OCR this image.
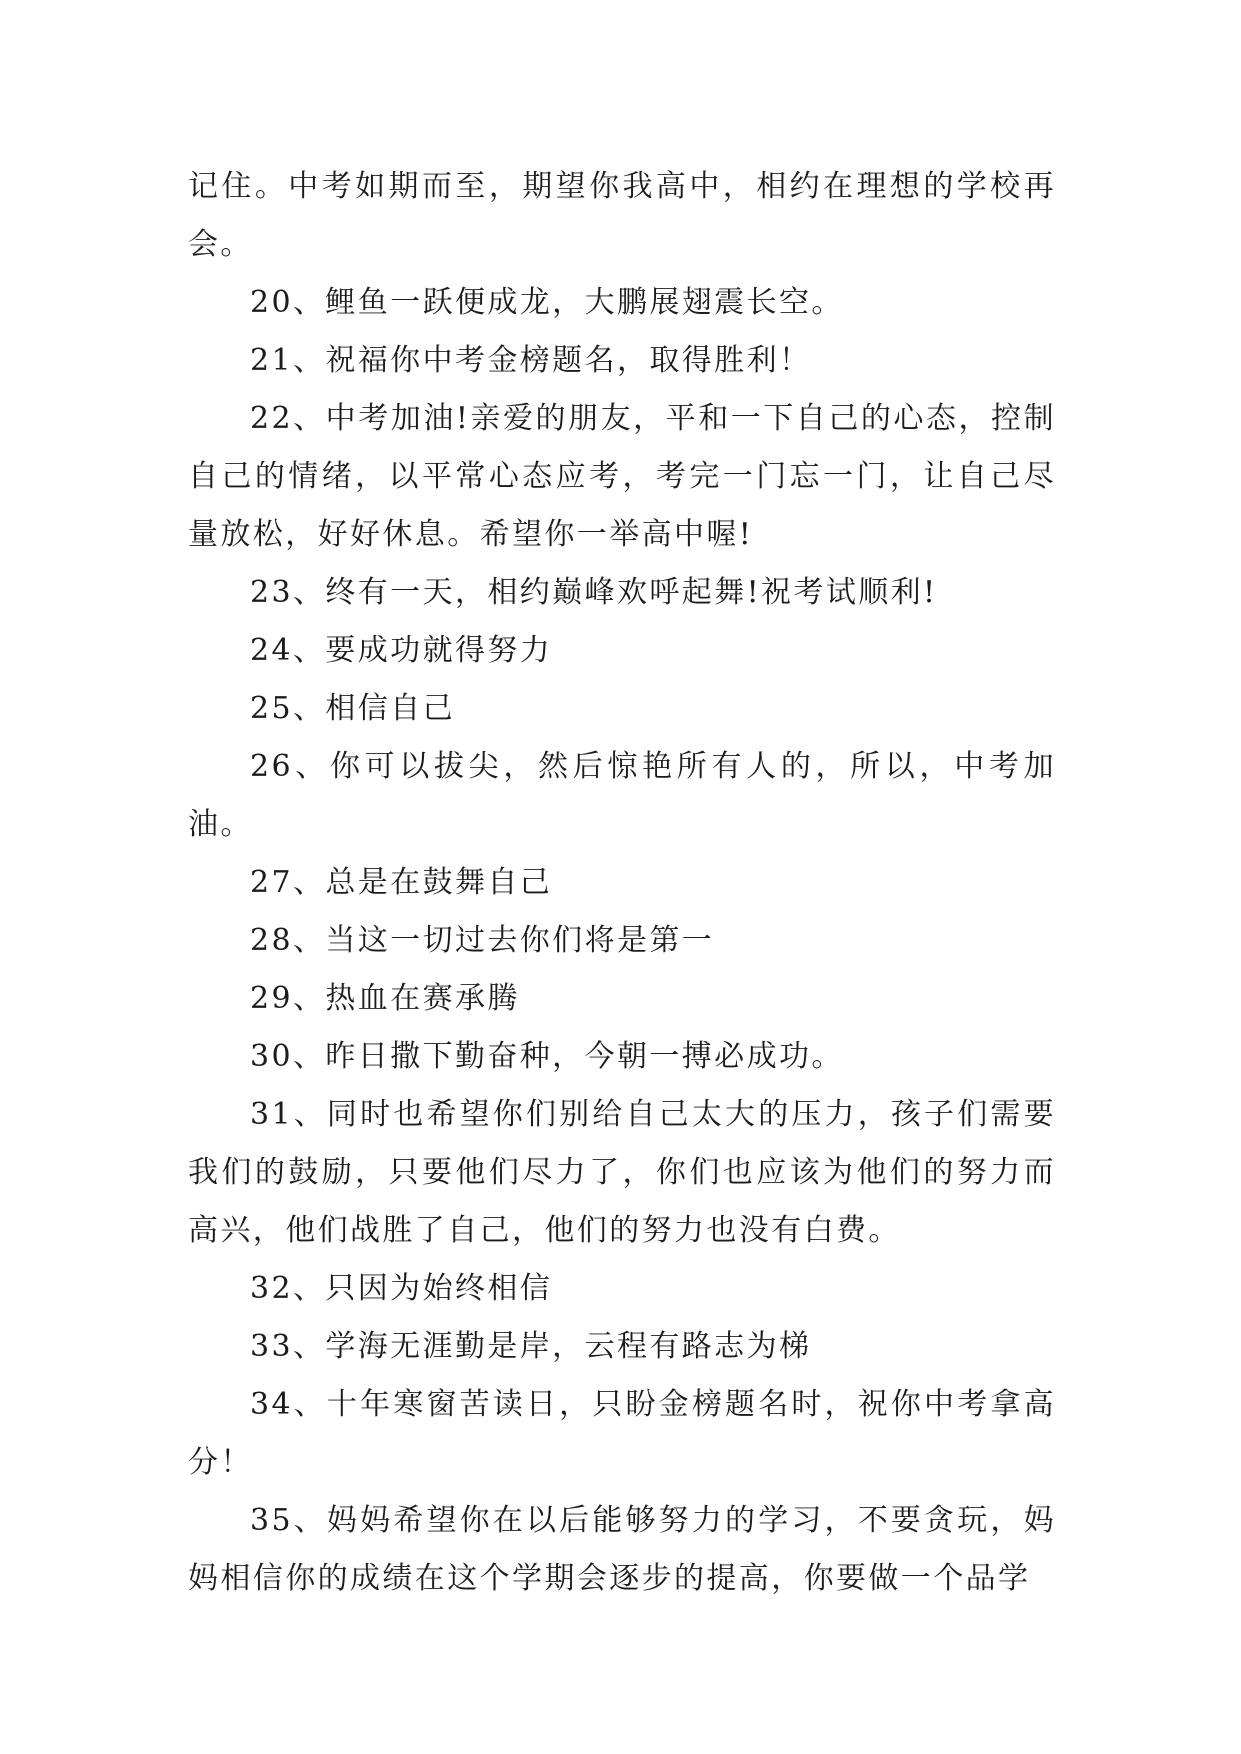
记住。中考如期而至，期望你我高中，相约在理想的学校再会。

20、鲤鱼一跃便成龙，大鹏展翅震长空。

21、祝福你中考金榜题名，取得胜利！

22、中考加油!亲爱的朋友，平和一下自己的心态，控制自己的情绪，以平常心态应考，考完一门忘一门，让自己尽量放松，好好休息。希望你一举高中喔!

23、终有一天，相约巅峰欢呼起舞!祝考试顺利!

24、要成功就得努力

25、相信自己

26、你可以拔尖，然后惊艳所有人的，所以，中考加油。

27、总是在鼓舞自己

28、当这一切过去你们将是第一

29、热血在赛承腾

30、昨日撒下勤奋种，今朝一搏必成功。

31、同时也希望你们别给自己太大的压力，孩子们需要我们的鼓励，只要他们尽力了，你们也应该为他们的努力而高兴，他们战胜了自己，他们的努力也没有白费。

32、只因为始终相信

33、学海无涯勤是岸，云程有路志为梯

34、十年寒窗苦读日，只盼金榜题名时，祝你中考拿高分！

35、妈妈希望你在以后能够努力的学习，不要贪玩，妈妈相信你的成绩在这个学期会逐步的提高，你要做一个品学
